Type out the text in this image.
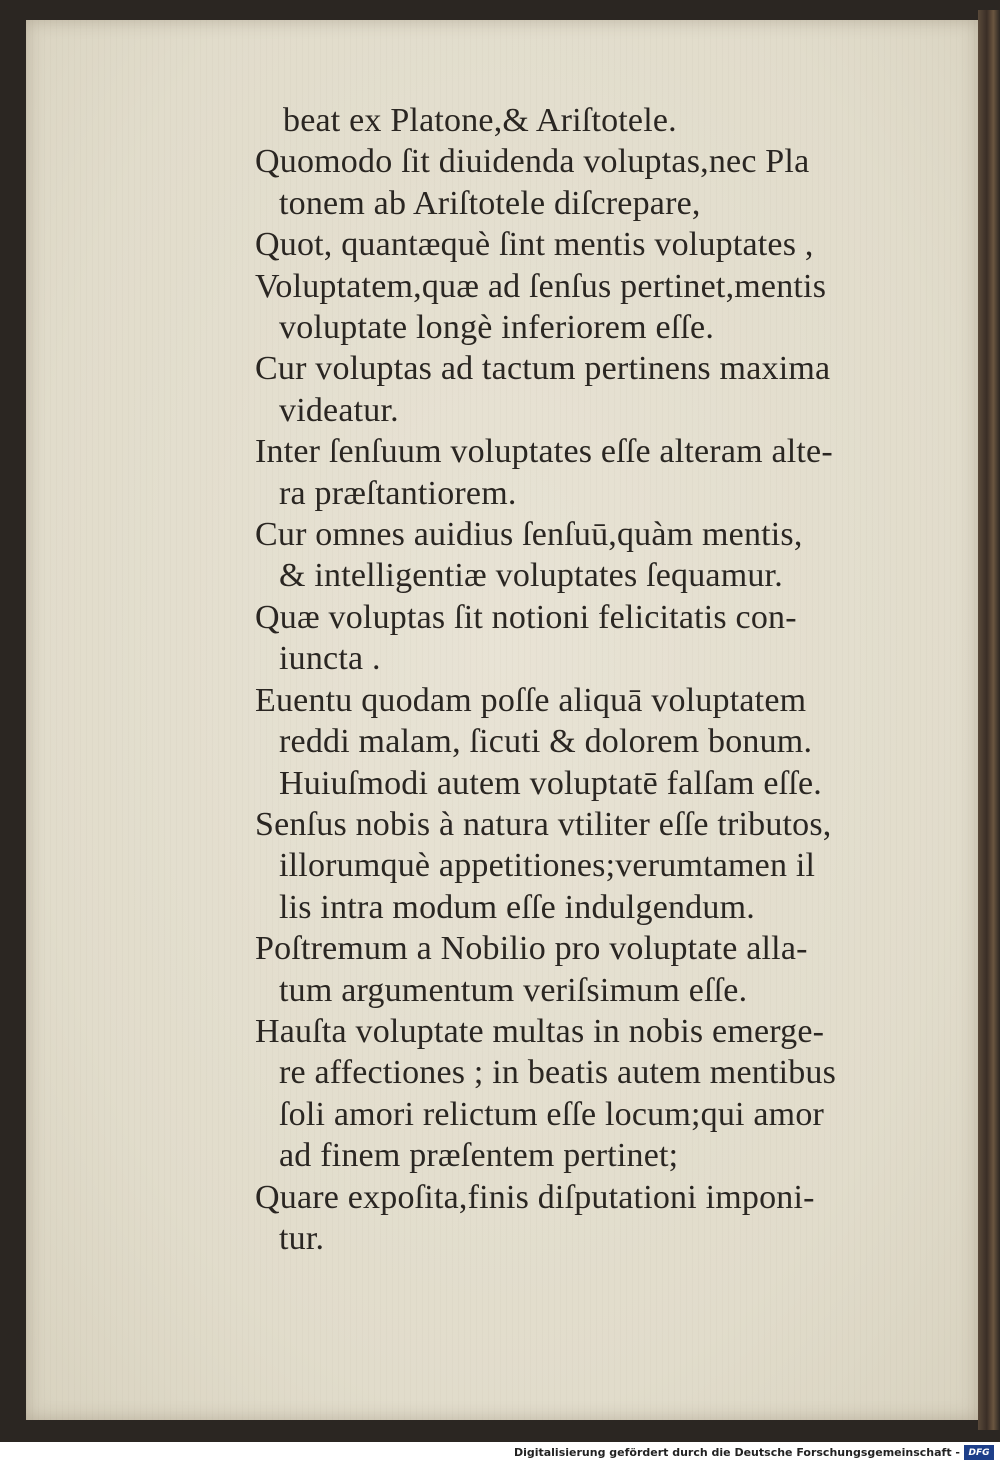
beat ex Platone,& Ariſtotele.
Quomodo ſit diuidenda voluptas,nec Pla
tonem ab Ariſtotele diſcrepare,
Quot, quantæquè ſint mentis voluptates ,
Voluptatem,quæ ad ſenſus pertinet,mentis
voluptate longè inferiorem eſſe.
Cur voluptas ad tactum pertinens maxima
videatur.
Inter ſenſuum voluptates eſſe alteram alte-
ra præſtantiorem.
Cur omnes auidius ſenſuū,quàm mentis,
& intelligentiæ voluptates ſequamur.
Quæ voluptas ſit notioni felicitatis con-
iuncta .
Euentu quodam poſſe aliquā voluptatem
reddi malam, ſicuti & dolorem bonum.
Huiuſmodi autem voluptatē falſam eſſe.
Senſus nobis à natura vtiliter eſſe tributos,
illorumquè appetitiones;verumtamen il
lis intra modum eſſe indulgendum.
Poſtremum a Nobilio pro voluptate alla-
tum argumentum veriſsimum eſſe.
Hauſta voluptate multas in nobis emerge-
re affectiones ; in beatis autem mentibus
ſoli amori relictum eſſe locum;qui amor
ad finem præſentem pertinet;
Quare expoſita,finis diſputationi imponi-
tur.
Digitalisierung gefördert durch die Deutsche Forschungsgemeinschaft - DFG
